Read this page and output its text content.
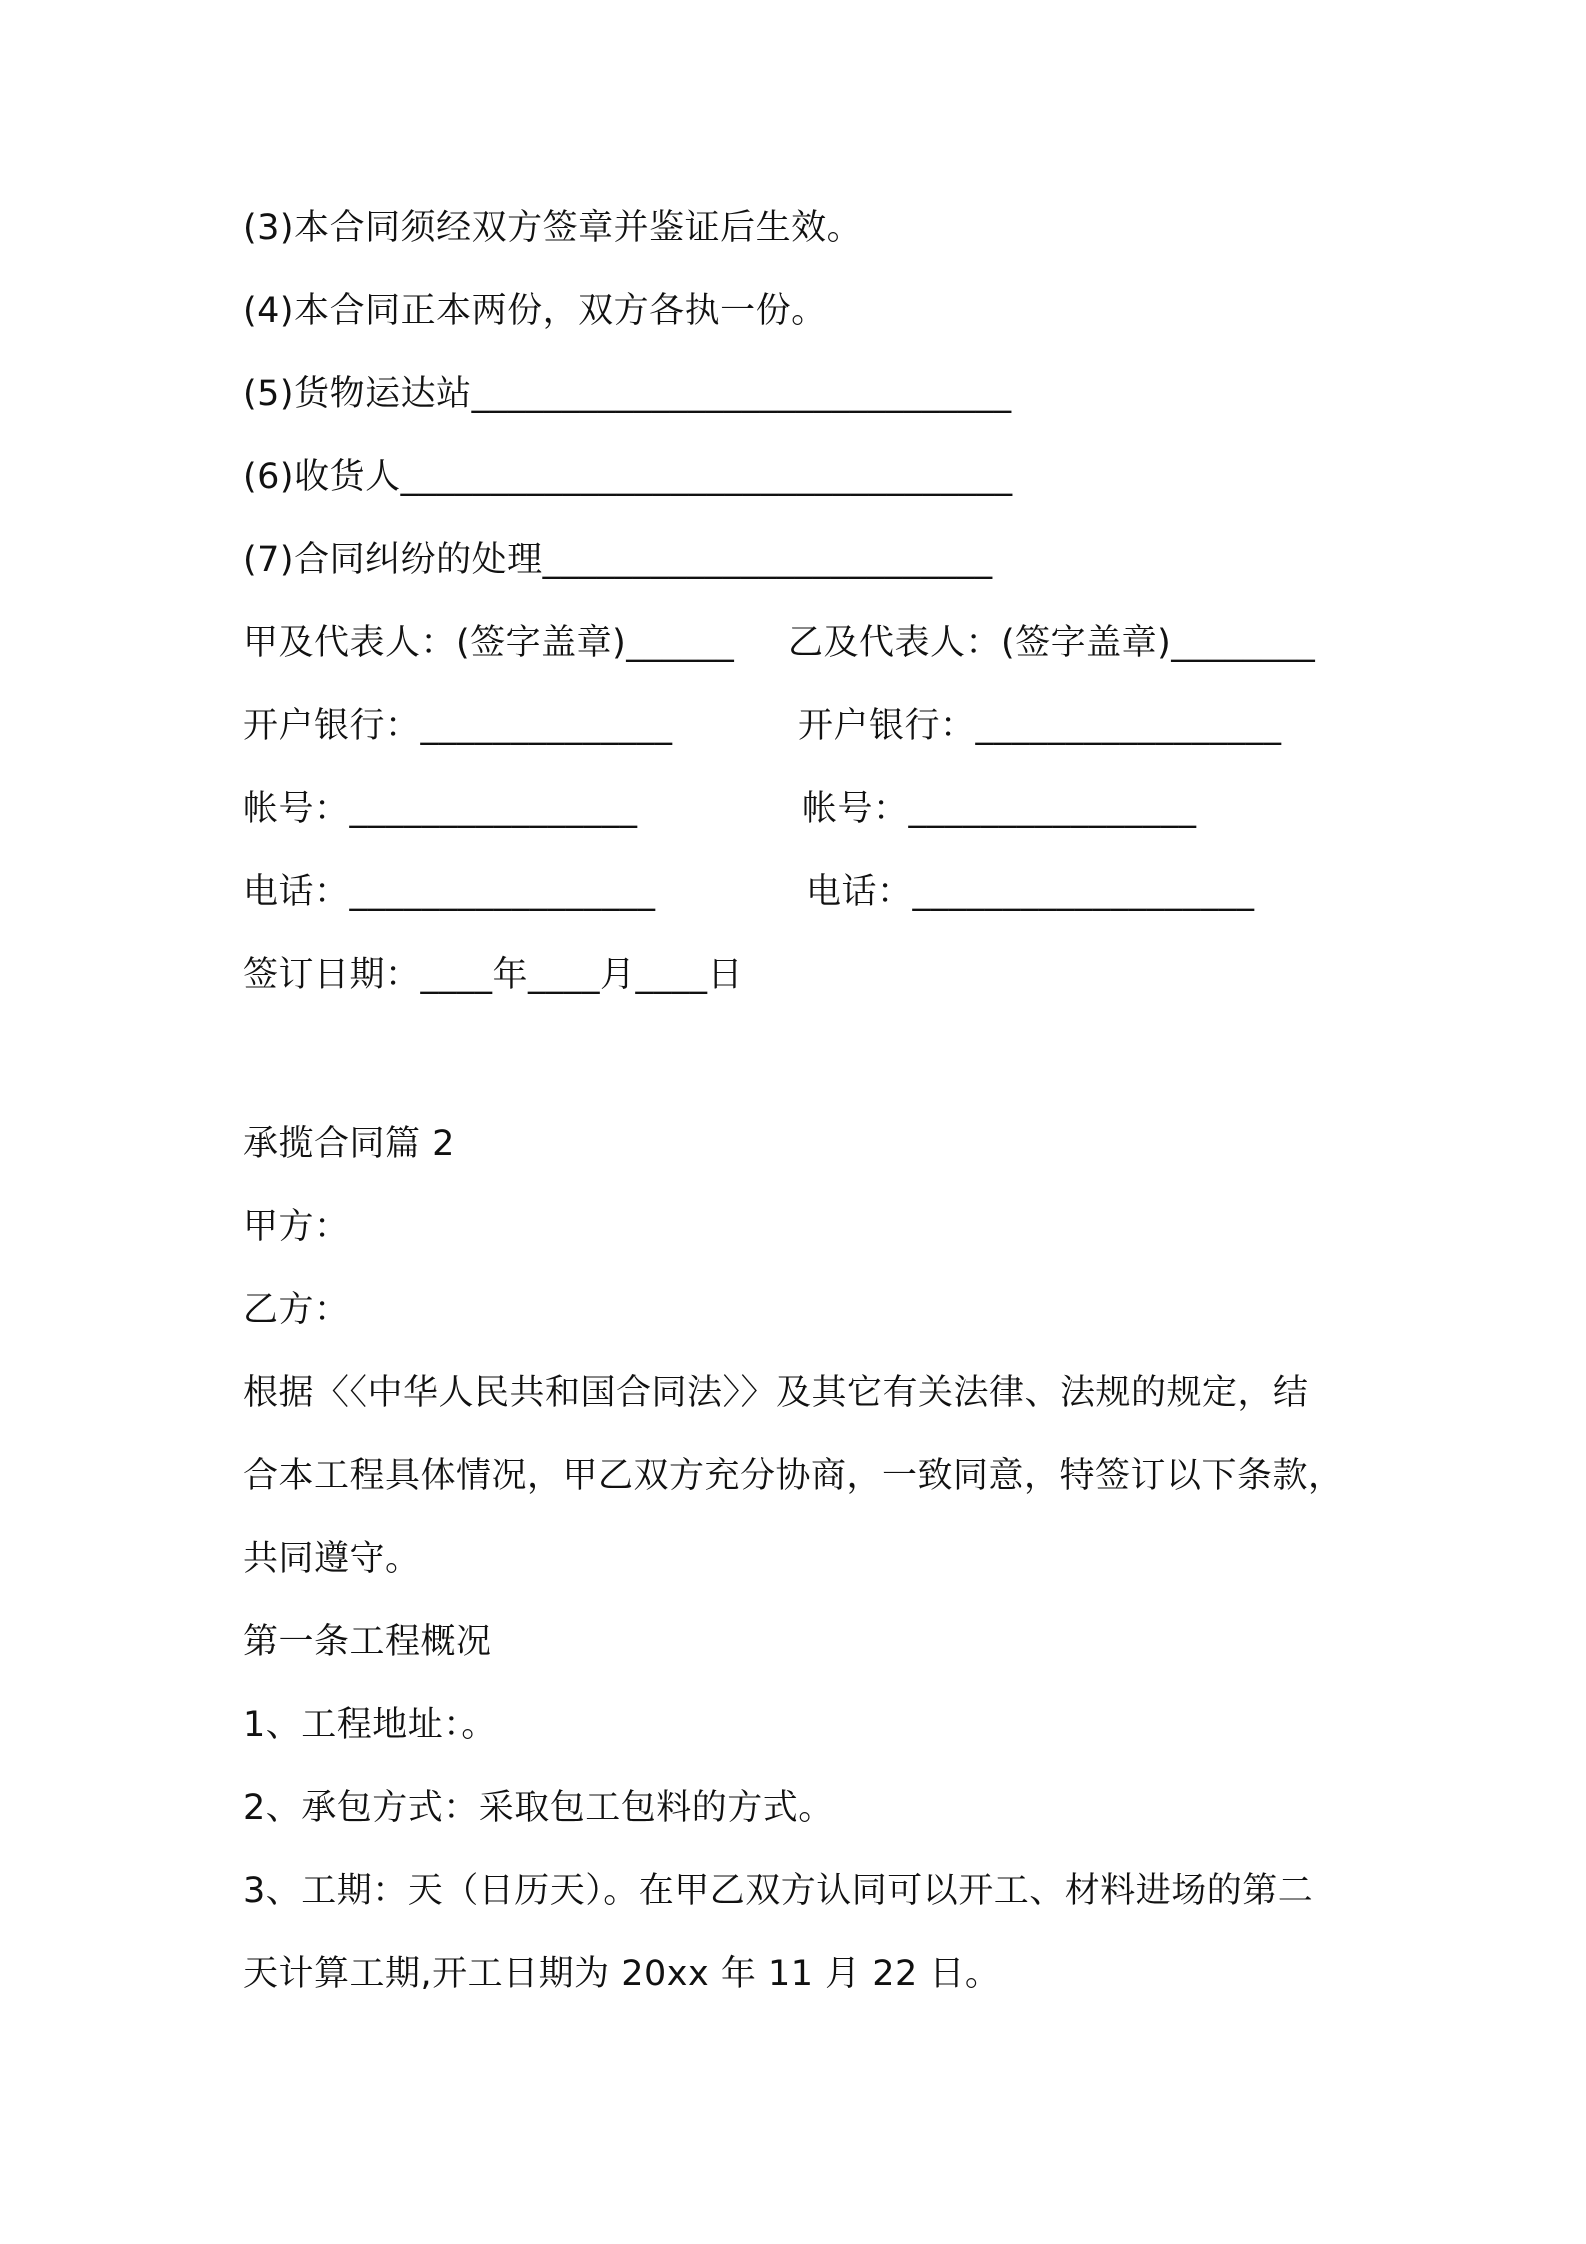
(3)本合同须经双方签章并鉴证后生效。
(4)本合同正本两份，双方各执一份。
(5)货物运达站______________________________
(6)收货人__________________________________
(7)合同纠纷的处理_________________________
甲及代表人：(签字盖章)______ 乙及代表人：(签字盖章)________
开户银行：______________	开户银行：_________________
帐号：________________	帐号：________________
电话：_________________	电话：___________________
签订日期：____年____月____日
承揽合同篇 2
甲方：
乙方：
根据〈〈中华人民共和国合同法〉〉及其它有关法律、法规的规定，结
合本工程具体情况，甲乙双方充分协商，一致同意，特签订以下条款，
共同遵守。
第一条工程概况
1、工程地址：。
2、承包方式：采取包工包料的方式。
3、工期：天（日历天）。在甲乙双方认同可以开工、材料进场的第二
天计算工期,开工日期为 20xx 年 11 月 22 日。
